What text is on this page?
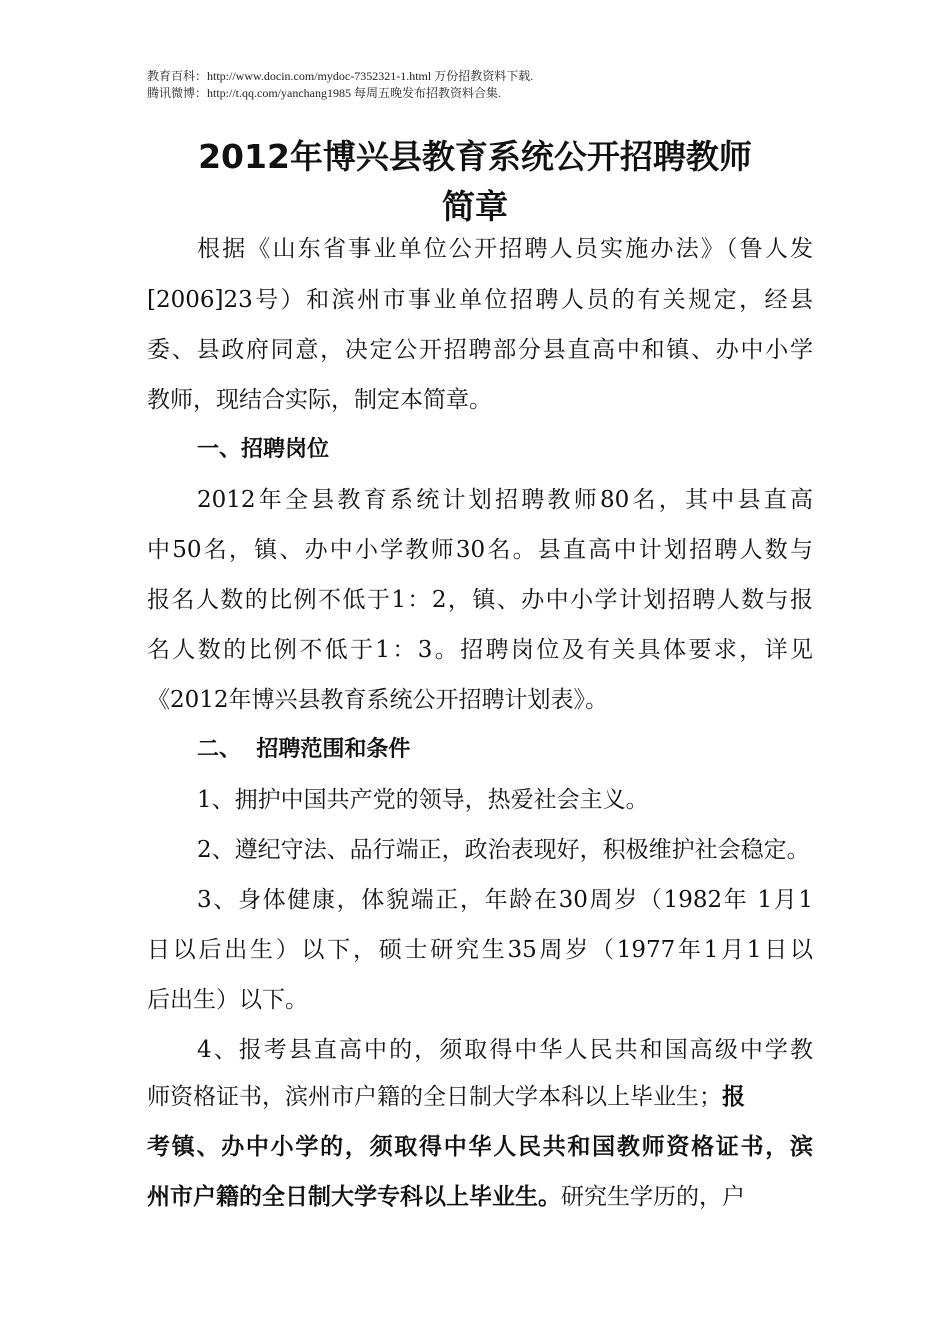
教育百科：http://www.docin.com/mydoc-7352321-1.html 万份招教资料下载.
腾讯微博：http://t.qq.com/yanchang1985 每周五晚发布招教资料合集.
2012年博兴县教育系统公开招聘教师
简章
根据《山东省事业单位公开招聘人员实施办法》（鲁人发
[2006]23号）和滨州市事业单位招聘人员的有关规定，经县
委、县政府同意，决定公开招聘部分县直高中和镇、办中小学
教师，现结合实际，制定本简章。
一、招聘岗位
2012年全县教育系统计划招聘教师80名，其中县直高
中50名，镇、办中小学教师30名。县直高中计划招聘人数与
报名人数的比例不低于1：2，镇、办中小学计划招聘人数与报
名人数的比例不低于1：3。招聘岗位及有关具体要求，详见
《2012年博兴县教育系统公开招聘计划表》。
二、  招聘范围和条件
1、拥护中国共产党的领导，热爱社会主义。
2、遵纪守法、品行端正，政治表现好，积极维护社会稳定。
3、身体健康，体貌端正，年龄在30周岁（1982年 1月1
日以后出生）以下，硕士研究生35周岁（1977年1月1日以
后出生）以下。
4、报考县直高中的，须取得中华人民共和国高级中学教
师资格证书，滨州市户籍的全日制大学本科以上毕业生；报
考镇、办中小学的，须取得中华人民共和国教师资格证书，滨
州市户籍的全日制大学专科以上毕业生。研究生学历的，户
